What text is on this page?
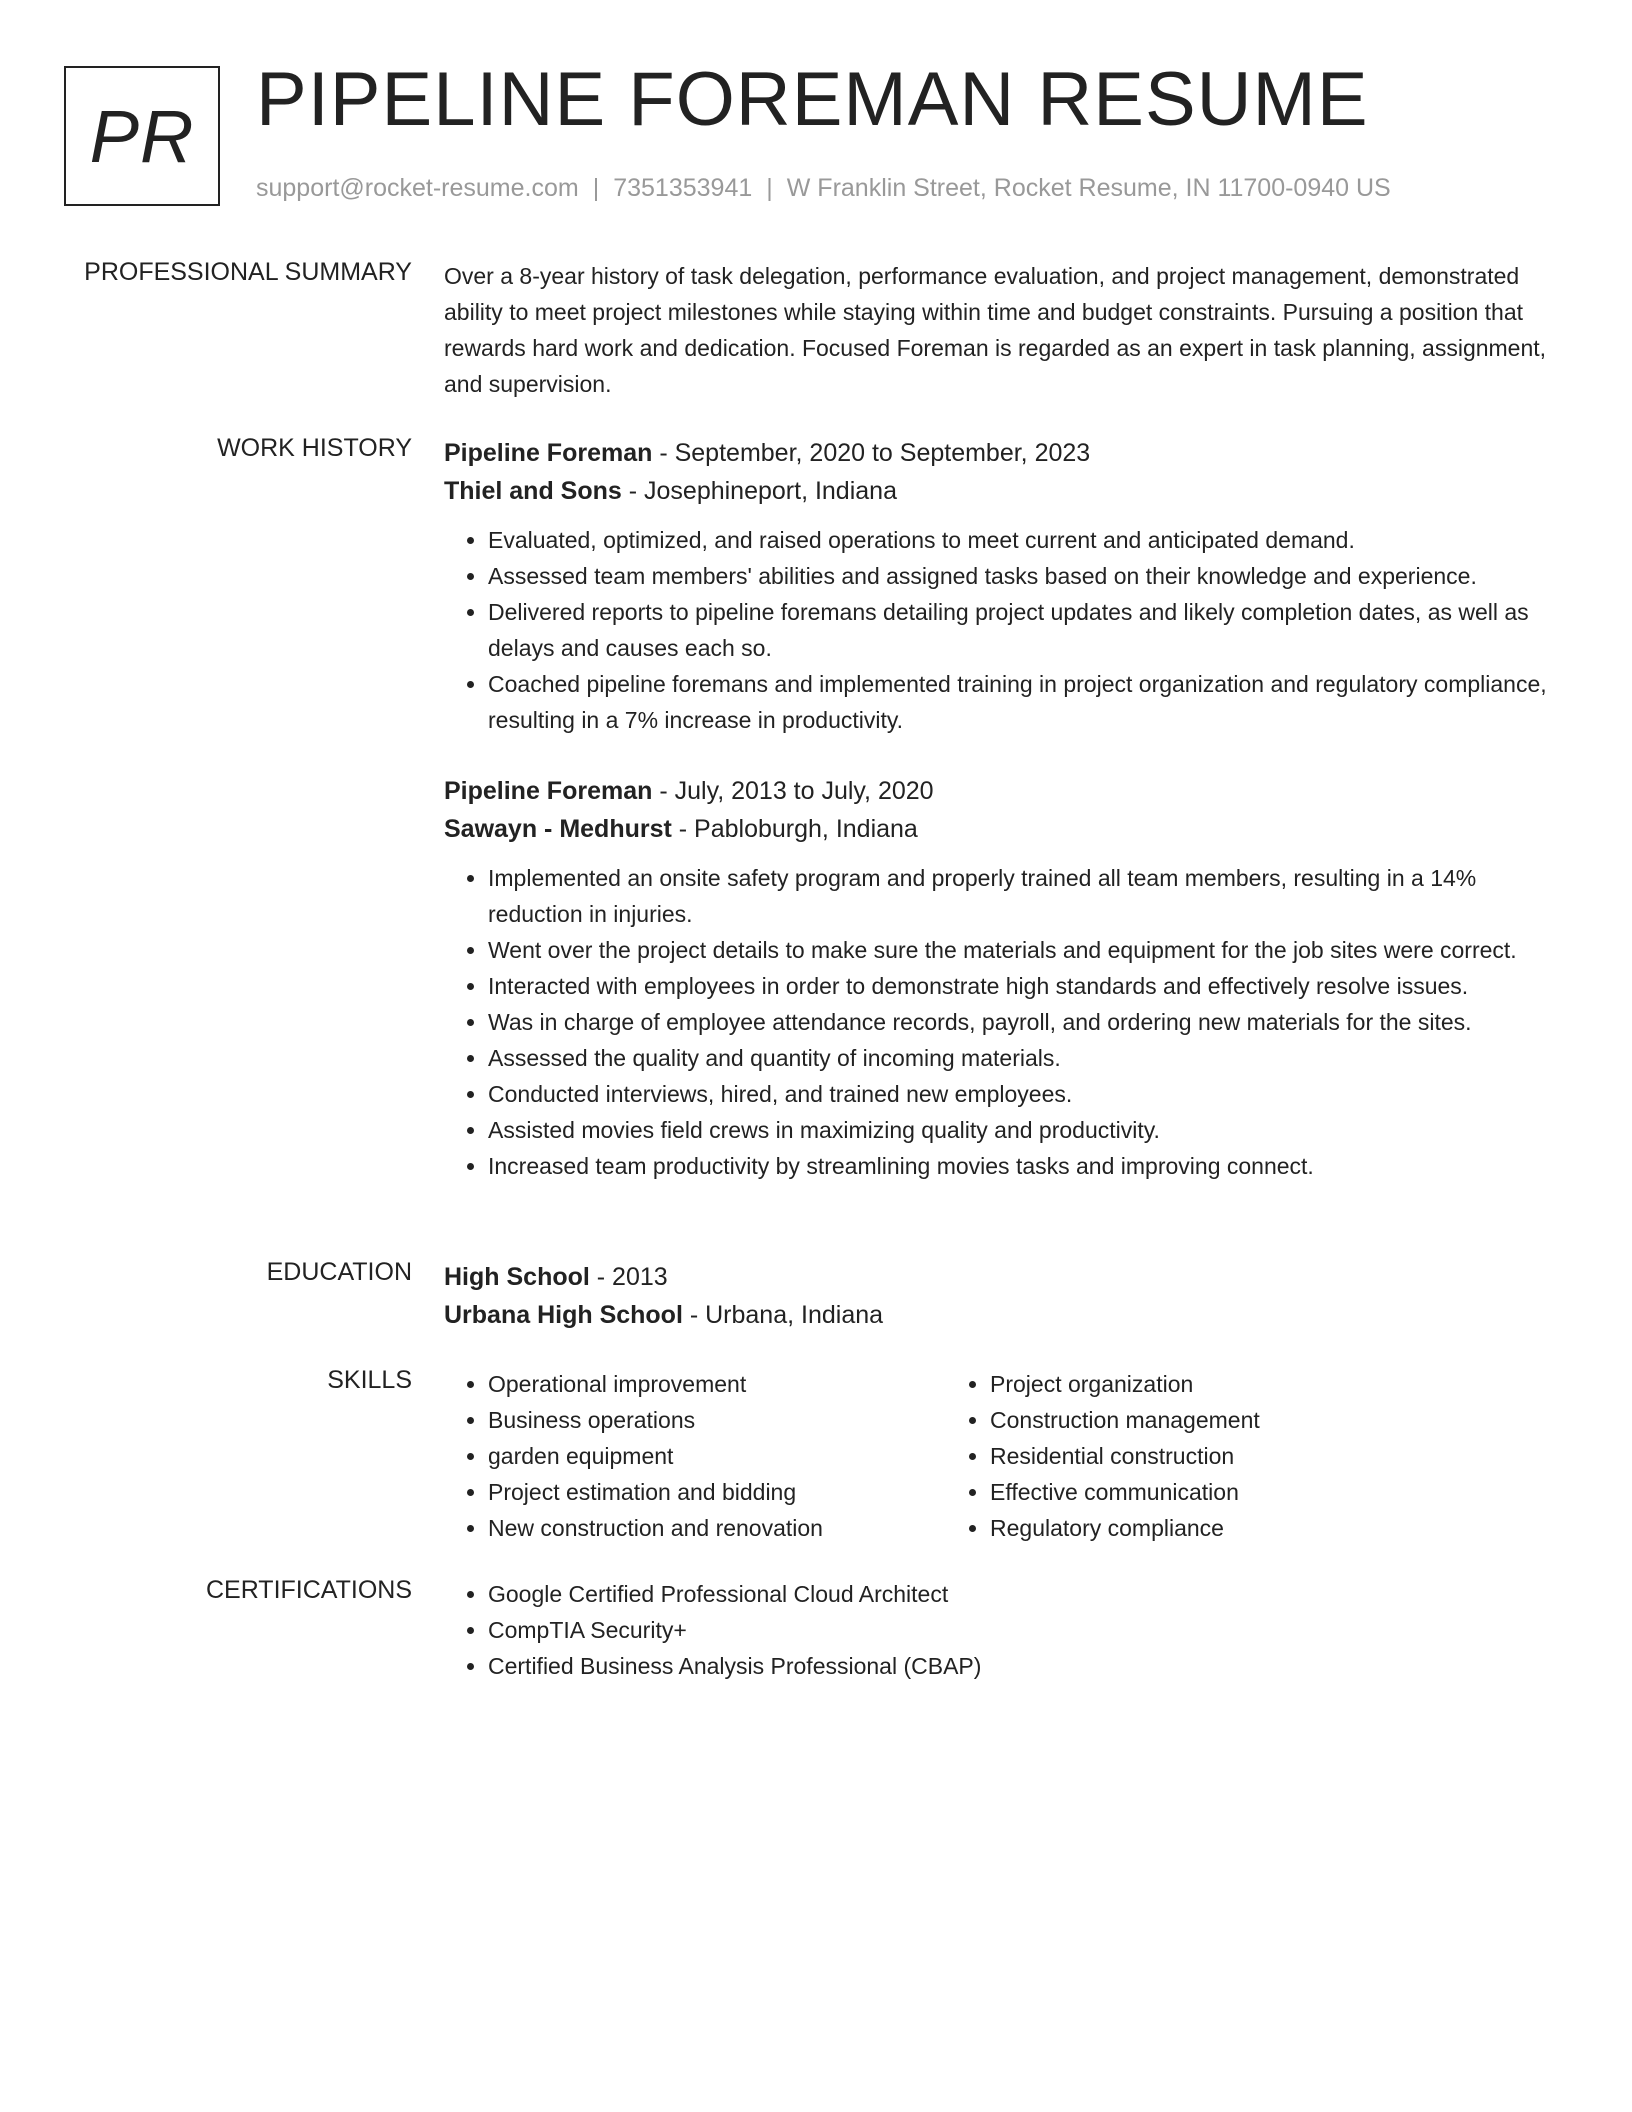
PR PIPELINE FOREMAN RESUME
support@rocket-resume.com | 7351353941 | W Franklin Street, Rocket Resume, IN 11700-0940 US
PROFESSIONAL SUMMARY Over a 8-year history of task delegation, performance evaluation, and project management, demonstrated ability to meet project milestones while staying within time and budget constraints. Pursuing a position that rewards hard work and dedication. Focused Foreman is regarded as an expert in task planning, assignment, and supervision.

WORK HISTORY Pipeline Foreman - September, 2020 to September, 2023
Thiel and Sons - Josephineport, Indiana
• Evaluated, optimized, and raised operations to meet current and anticipated demand.
• Assessed team members' abilities and assigned tasks based on their knowledge and experience.
• Delivered reports to pipeline foremans detailing project updates and likely completion dates, as well as delays and causes each so.
• Coached pipeline foremans and implemented training in project organization and regulatory compliance, resulting in a 7% increase in productivity.
Pipeline Foreman - July, 2013 to July, 2020
Sawayn - Medhurst - Pabloburgh, Indiana
• Implemented an onsite safety program and properly trained all team members, resulting in a 14% reduction in injuries.
• Went over the project details to make sure the materials and equipment for the job sites were correct.
• Interacted with employees in order to demonstrate high standards and effectively resolve issues.
• Was in charge of employee attendance records, payroll, and ordering new materials for the sites.
• Assessed the quality and quantity of incoming materials.
• Conducted interviews, hired, and trained new employees.
• Assisted movies field crews in maximizing quality and productivity.
• Increased team productivity by streamlining movies tasks and improving connect.
EDUCATION High School - 2013
Urbana High School - Urbana, Indiana
SKILLS	• Operational improvement
• Business operations
• garden equipment
• Project estimation and bidding
• New construction and renovation
• Project organization
• Construction management
• Residential construction
• Effective communication
• Regulatory compliance
CERTIFICATIONS	• Google Certified Professional Cloud Architect
• CompTIA Security+
• Certified Business Analysis Professional (CBAP)
